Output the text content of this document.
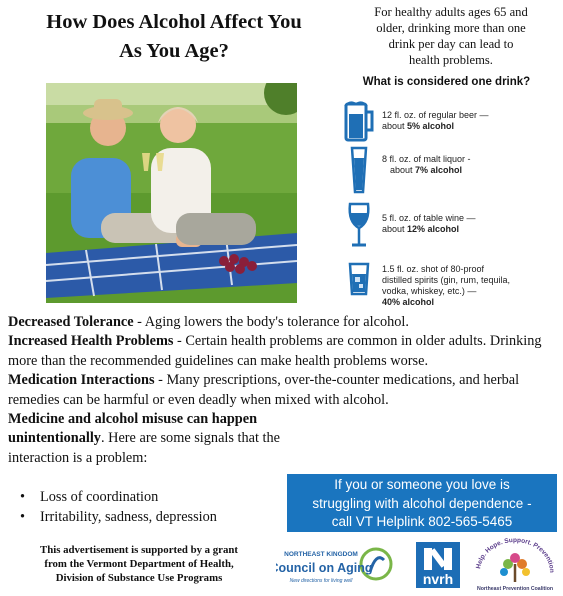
How Does Alcohol Affect You
As You Age?
For healthy adults ages 65 and
older, drinking more than one
drink per day can lead to
health problems.
What is considered one drink?
12 fl. oz. of regular beer —
about 5% alcohol
8 fl. oz. of malt liquor -
about 7% alcohol
5 fl. oz. of table wine —
about 12% alcohol
1.5 fl. oz. shot of 80-proof
distilled spirits (gin, rum, tequila,
vodka, whiskey, etc.) —
40% alcohol

Decreased Tolerance - Aging lowers the body's tolerance for alcohol.

Increased Health Problems - Certain health problems are common in older adults. Drinking more than the recommended guidelines can make health problems worse.

Medication Interactions - Many prescriptions, over-the-counter medications, and herbal remedies can be harmful or even deadly when mixed with alcohol.

Medicine and alcohol misuse can happen unintentionally. Here are some signals that the interaction is a problem:

• Loss of coordination
• Irritability, sadness, depression
If you or someone you love is
struggling with alcohol dependence -
call VT Helplink 802-565-5465
This advertisement is supported by a grant
from the Vermont Department of Health,
Division of Substance Use Programs
NORTHEAST KINGDOM
Council on Aging
New directions for living well	nvrh
Help. Hope. Support. Prevention
Northeast Prevention Coalition
